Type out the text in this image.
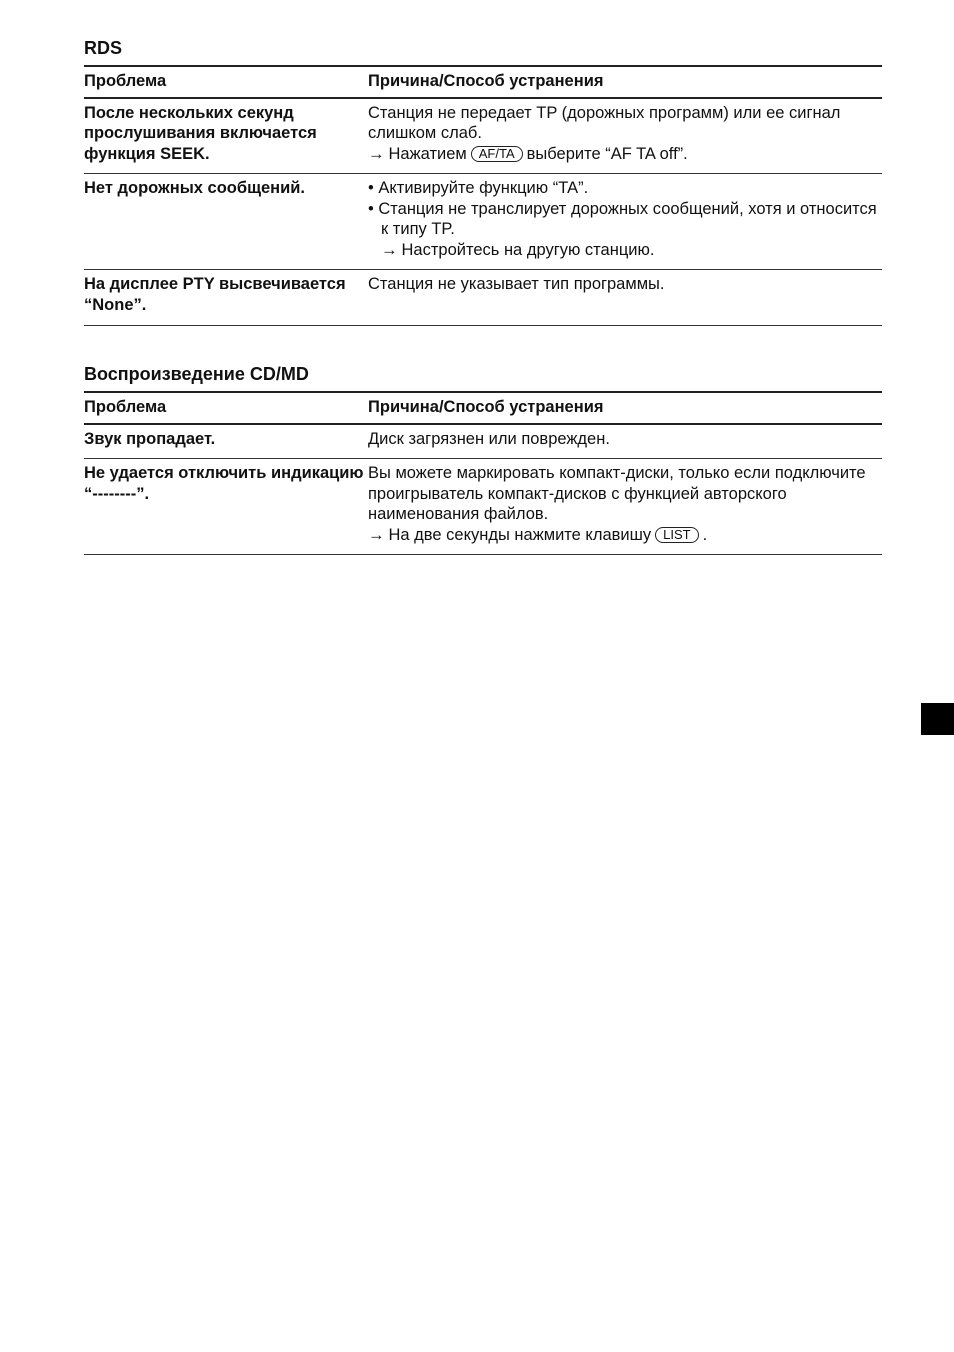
RDS
Проблема	Причина/Способ устранения
После нескольких секунд прослушивания включается функция SEEK.	Станция не передает TP (дорожных программ) или ее сигнал слишком слаб.
→ Нажатием AF/TA выберите “AF TA off”.
Нет дорожных сообщений.	• Активируйте функцию “TA”.
• Станция не транслирует дорожных сообщений, хотя и относится к типу TP.
→ Настройтесь на другую станцию.

На дисплее PTY высвечивается “None”.	Станция не указывает тип программы.
Воспроизведение CD/MD
Проблема	Причина/Способ устранения
Звук пропадает.	Диск загрязнен или поврежден.
Не удается отключить индикацию “--------”.	Вы можете маркировать компакт-диски, только если подключите проигрыватель компакт-дисков с функцией авторского наименования файлов.
→ На две секунды нажмите клавишу LIST .
